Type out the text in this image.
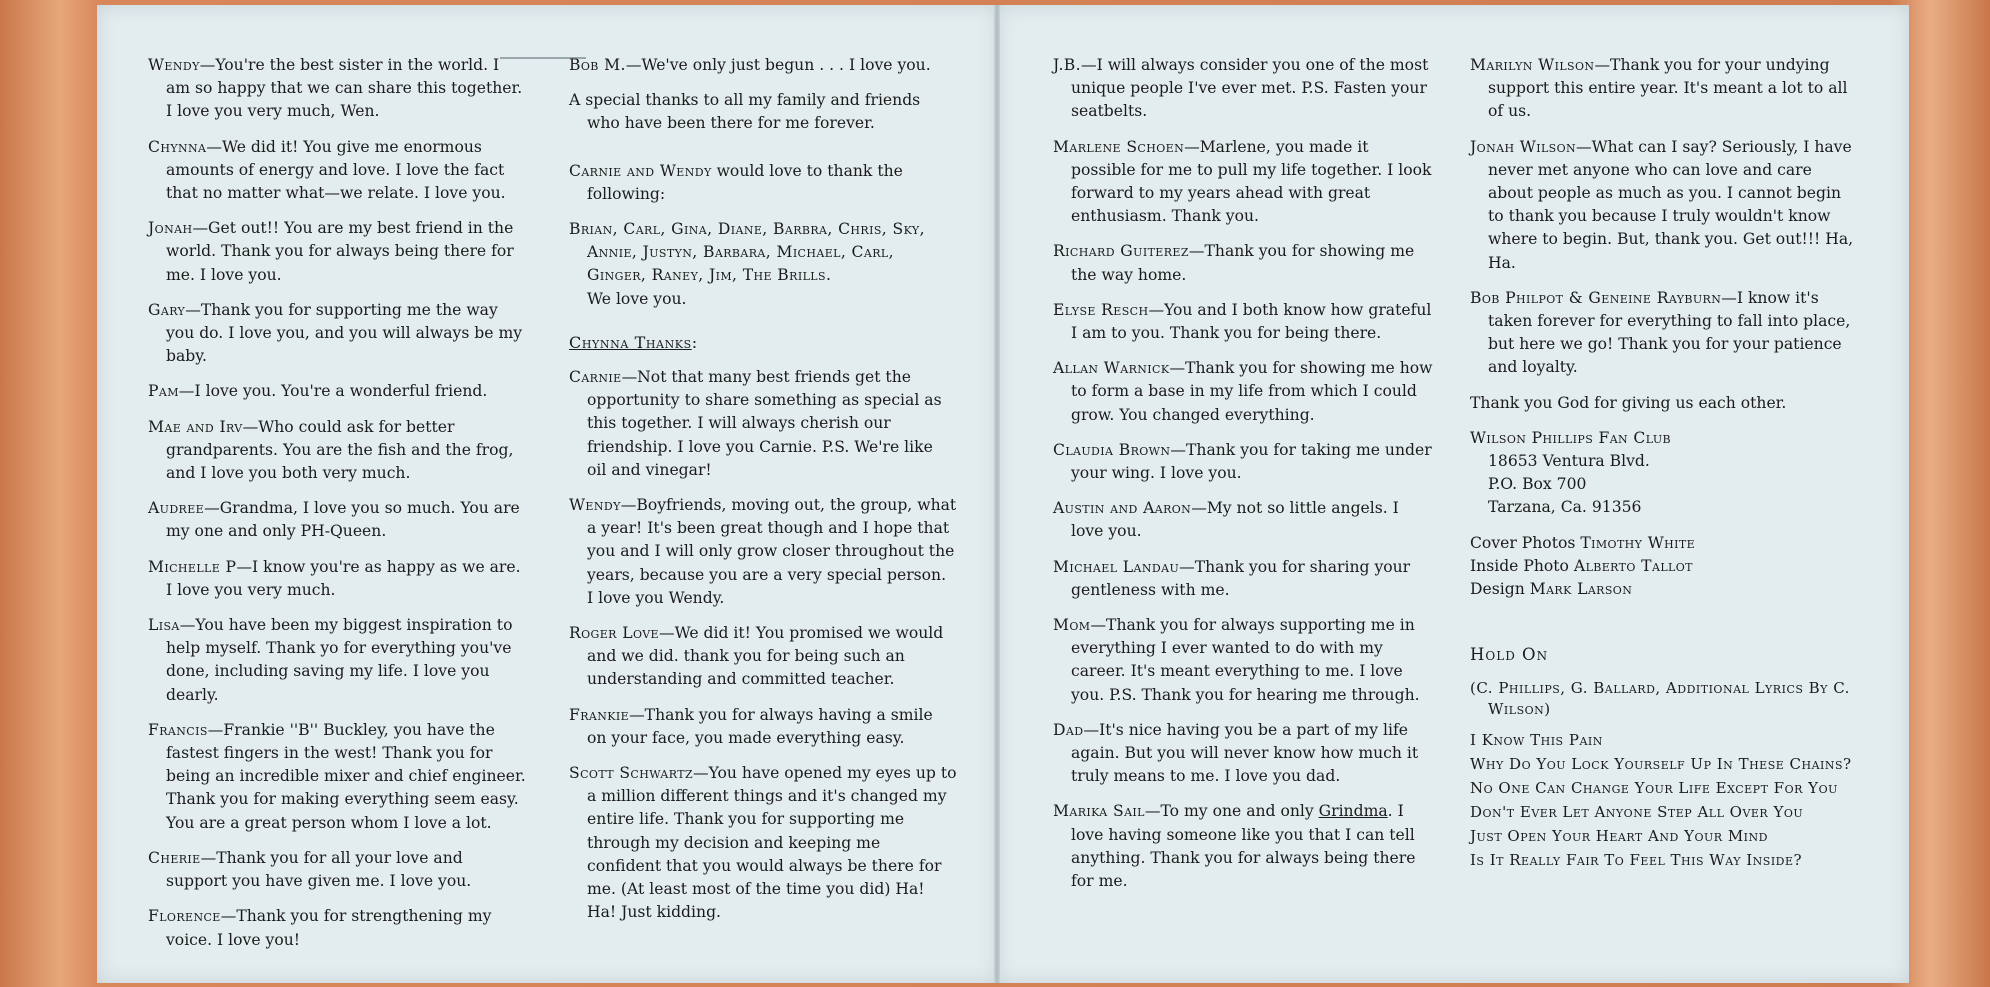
Wendy—You're the best sister in the world. I am so happy that we can share this together. I love you very much, Wen.
Chynna—We did it! You give me enormous amounts of energy and love. I love the fact that no matter what—we relate. I love you.
Jonah—Get out!! You are my best friend in the world. Thank you for always being there for me. I love you.
Gary—Thank you for supporting me the way you do. I love you, and you will always be my baby.
Pam—I love you. You're a wonderful friend.
Mae and Irv—Who could ask for better grandparents. You are the fish and the frog, and I love you both very much.
Audree—Grandma, I love you so much. You are my one and only PH-Queen.
Michelle P—I know you're as happy as we are. I love you very much.
Lisa—You have been my biggest inspiration to help myself. Thank yo for everything you've done, including saving my life. I love you dearly.
Francis—Frankie ''B'' Buckley, you have the fastest fingers in the west! Thank you for being an incredible mixer and chief engineer. Thank you for making everything seem easy. You are a great person whom I love a lot.
Cherie—Thank you for all your love and support you have given me. I love you.
Florence—Thank you for strengthening my voice. I love you!
Bob M.—We've only just begun . . . I love you.
A special thanks to all my family and friends who have been there for me forever.
Carnie and Wendy would love to thank the following:
Brian, Carl, Gina, Diane, Barbra, Chris, Sky, Annie, Justyn, Barbara, Michael, Carl, Ginger, Raney, Jim, The Brills.
We love you.
Chynna Thanks:
Carnie—Not that many best friends get the opportunity to share something as special as this together. I will always cherish our friendship. I love you Carnie. P.S. We're like oil and vinegar!
Wendy—Boyfriends, moving out, the group, what a year! It's been great though and I hope that you and I will only grow closer throughout the years, because you are a very special person. I love you Wendy.
Roger Love—We did it! You promised we would and we did. thank you for being such an understanding and committed teacher.
Frankie—Thank you for always having a smile on your face, you made everything easy.
Scott Schwartz—You have opened my eyes up to a million different things and it's changed my entire life. Thank you for supporting me through my decision and keeping me confident that you would always be there for me. (At least most of the time you did) Ha! Ha! Just kidding.
J.B.—I will always consider you one of the most unique people I've ever met. P.S. Fasten your seatbelts.
Marlene Schoen—Marlene, you made it possible for me to pull my life together. I look forward to my years ahead with great enthusiasm. Thank you.
Richard Guiterez—Thank you for showing me the way home.
Elyse Resch—You and I both know how grateful I am to you. Thank you for being there.
Allan Warnick—Thank you for showing me how to form a base in my life from which I could grow. You changed everything.
Claudia Brown—Thank you for taking me under your wing. I love you.
Austin and Aaron—My not so little angels. I love you.
Michael Landau—Thank you for sharing your gentleness with me.
Mom—Thank you for always supporting me in everything I ever wanted to do with my career. It's meant everything to me. I love you. P.S. Thank you for hearing me through.
Dad—It's nice having you be a part of my life again. But you will never know how much it truly means to me. I love you dad.
Marika Sail—To my one and only Grindma. I love having someone like you that I can tell anything. Thank you for always being there for me.
Marilyn Wilson—Thank you for your undying support this entire year. It's meant a lot to all of us.
Jonah Wilson—What can I say? Seriously, I have never met anyone who can love and care about people as much as you. I cannot begin to thank you because I truly wouldn't know where to begin. But, thank you. Get out!!! Ha, Ha.
Bob Philpot & Geneine Rayburn—I know it's taken forever for everything to fall into place, but here we go! Thank you for your patience and loyalty.
Thank you God for giving us each other.
Wilson Phillips Fan Club
18653 Ventura Blvd.
P.O. Box 700
Tarzana, Ca. 91356
Cover Photos Timothy White
Inside Photo Alberto Tallot
Design Mark Larson
Hold On
(C. Phillips, G. Ballard, Additional Lyrics By C. Wilson)
I Know This Pain
Why Do You Lock Yourself Up In These Chains?
No One Can Change Your Life Except For You
Don't Ever Let Anyone Step All Over You
Just Open Your Heart And Your Mind
Is It Really Fair To Feel This Way Inside?
